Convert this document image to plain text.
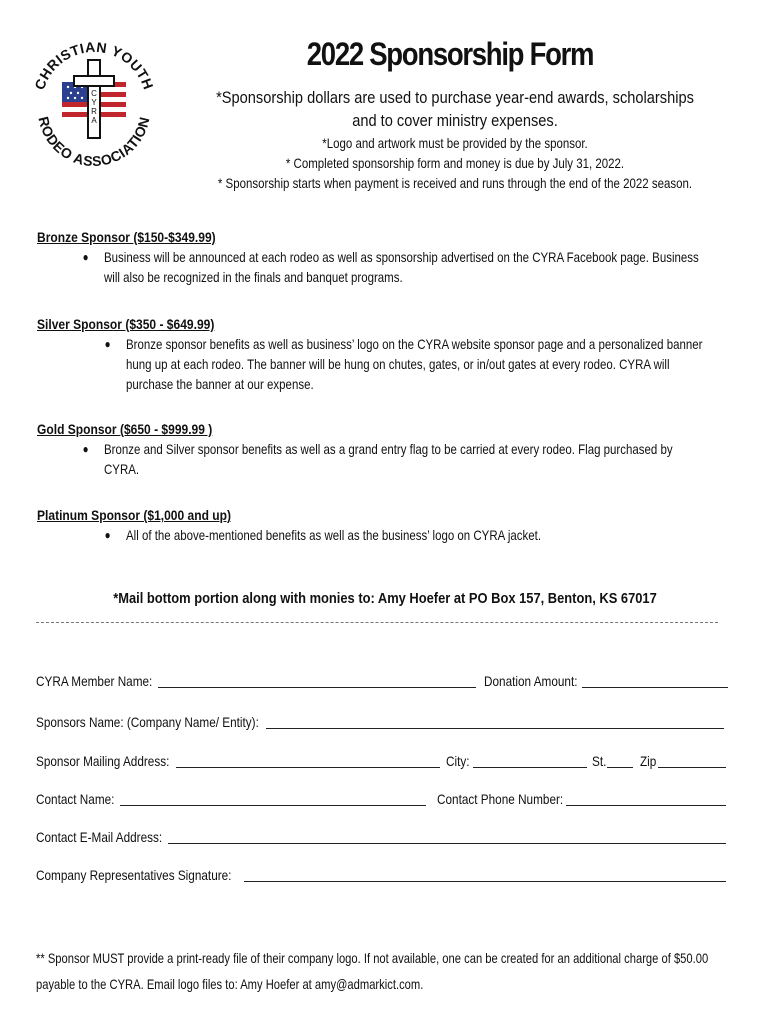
C
Y
R
A
CHRISTIAN YOUTH
RODEO ASSOCIATION
2022 Sponsorship Form
*Sponsorship dollars are used to purchase year-end awards, scholarships
and to cover ministry expenses.
*Logo and artwork must be provided by the sponsor.
* Completed sponsorship form and money is due by July 31, 2022.
* Sponsorship starts when payment is received and runs through the end of the 2022 season.
Bronze Sponsor ($150-$349.99)
● Business will be announced at each rodeo as well as sponsorship advertised on the CYRA Facebook page. Business
will also be recognized in the finals and banquet programs.
Silver Sponsor ($350 - $649.99)
● Bronze sponsor benefits as well as business’ logo on the CYRA website sponsor page and a personalized banner
hung up at each rodeo. The banner will be hung on chutes, gates, or in/out gates at every rodeo. CYRA will
purchase the banner at our expense.
Gold Sponsor ($650 - $999.99 )
● Bronze and Silver sponsor benefits as well as a grand entry flag to be carried at every rodeo. Flag purchased by
CYRA.
Platinum Sponsor ($1,000 and up)
● All of the above-mentioned benefits as well as the business’ logo on CYRA jacket.
*Mail bottom portion along with monies to: Amy Hoefer at PO Box 157, Benton, KS 67017
CYRA Member Name:	Donation Amount:
Sponsors Name: (Company Name/ Entity):
Sponsor Mailing Address:	City:	St. Zip
Contact Name:	Contact Phone Number:
Contact E-Mail Address:
Company Representatives Signature:
** Sponsor MUST provide a print-ready file of their company logo. If not available, one can be created for an additional charge of $50.00
payable to the CYRA. Email logo files to: Amy Hoefer at amy@admarkict.com.
